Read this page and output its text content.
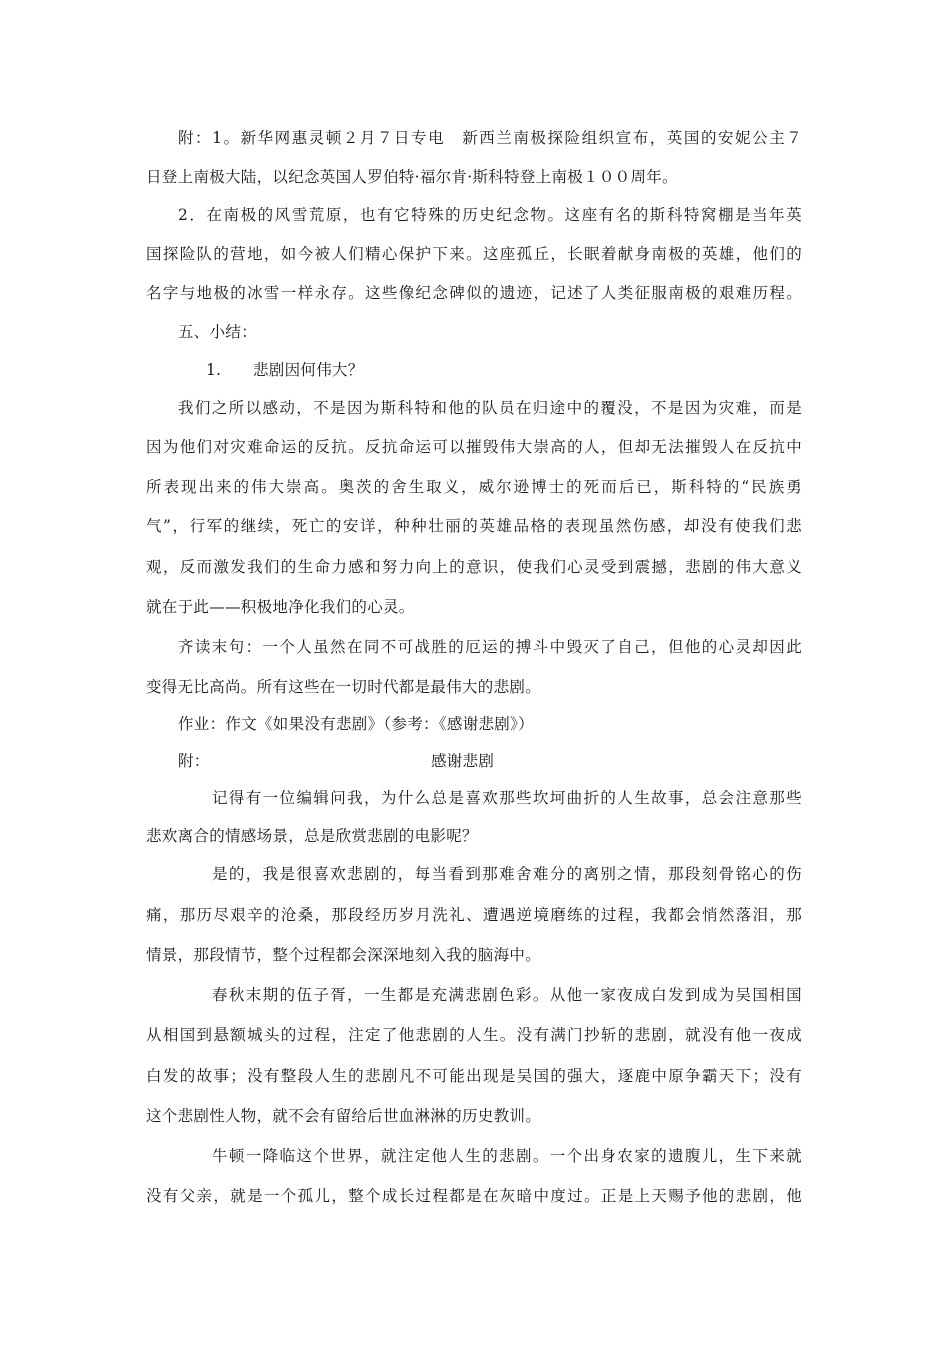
附：1。新华网惠灵顿２月７日专电　新西兰南极探险组织宣布，英国的安妮公主７
日登上南极大陆，以纪念英国人罗伯特·福尔肯·斯科特登上南极１００周年。
2．在南极的风雪荒原，也有它特殊的历史纪念物。这座有名的斯科特窝棚是当年英
国探险队的营地，如今被人们精心保护下来。这座孤丘，长眠着献身南极的英雄，他们的
名字与地极的冰雪一样永存。这些像纪念碑似的遗迹，记述了人类征服南极的艰难历程。
五、小结：
1.　　悲剧因何伟大？
我们之所以感动，不是因为斯科特和他的队员在归途中的覆没，不是因为灾难，而是
因为他们对灾难命运的反抗。反抗命运可以摧毁伟大崇高的人，但却无法摧毁人在反抗中
所表现出来的伟大崇高。奥茨的舍生取义，威尔逊博士的死而后已，斯科特的“民族勇
气”，行军的继续，死亡的安详，种种壮丽的英雄品格的表现虽然伤感，却没有使我们悲
观，反而激发我们的生命力感和努力向上的意识，使我们心灵受到震撼，悲剧的伟大意义
就在于此——积极地净化我们的心灵。
齐读末句：一个人虽然在同不可战胜的厄运的搏斗中毁灭了自己，但他的心灵却因此
变得无比高尚。所有这些在一切时代都是最伟大的悲剧。
作业：作文《如果没有悲剧》（参考：《感谢悲剧》）
附：	感谢悲剧
记得有一位编辑问我，为什么总是喜欢那些坎坷曲折的人生故事，总会注意那些
悲欢离合的情感场景，总是欣赏悲剧的电影呢？
是的，我是很喜欢悲剧的，每当看到那难舍难分的离别之情，那段刻骨铭心的伤
痛，那历尽艰辛的沧桑，那段经历岁月洗礼、遭遇逆境磨练的过程，我都会悄然落泪，那
情景，那段情节，整个过程都会深深地刻入我的脑海中。
春秋末期的伍子胥，一生都是充满悲剧色彩。从他一家夜成白发到成为吴国相国
从相国到悬额城头的过程，注定了他悲剧的人生。没有满门抄斩的悲剧，就没有他一夜成
白发的故事；没有整段人生的悲剧凡不可能出现是吴国的强大，逐鹿中原争霸天下；没有
这个悲剧性人物，就不会有留给后世血淋淋的历史教训。
牛顿一降临这个世界，就注定他人生的悲剧。一个出身农家的遗腹儿，生下来就
没有父亲，就是一个孤儿，整个成长过程都是在灰暗中度过。正是上天赐予他的悲剧，他
